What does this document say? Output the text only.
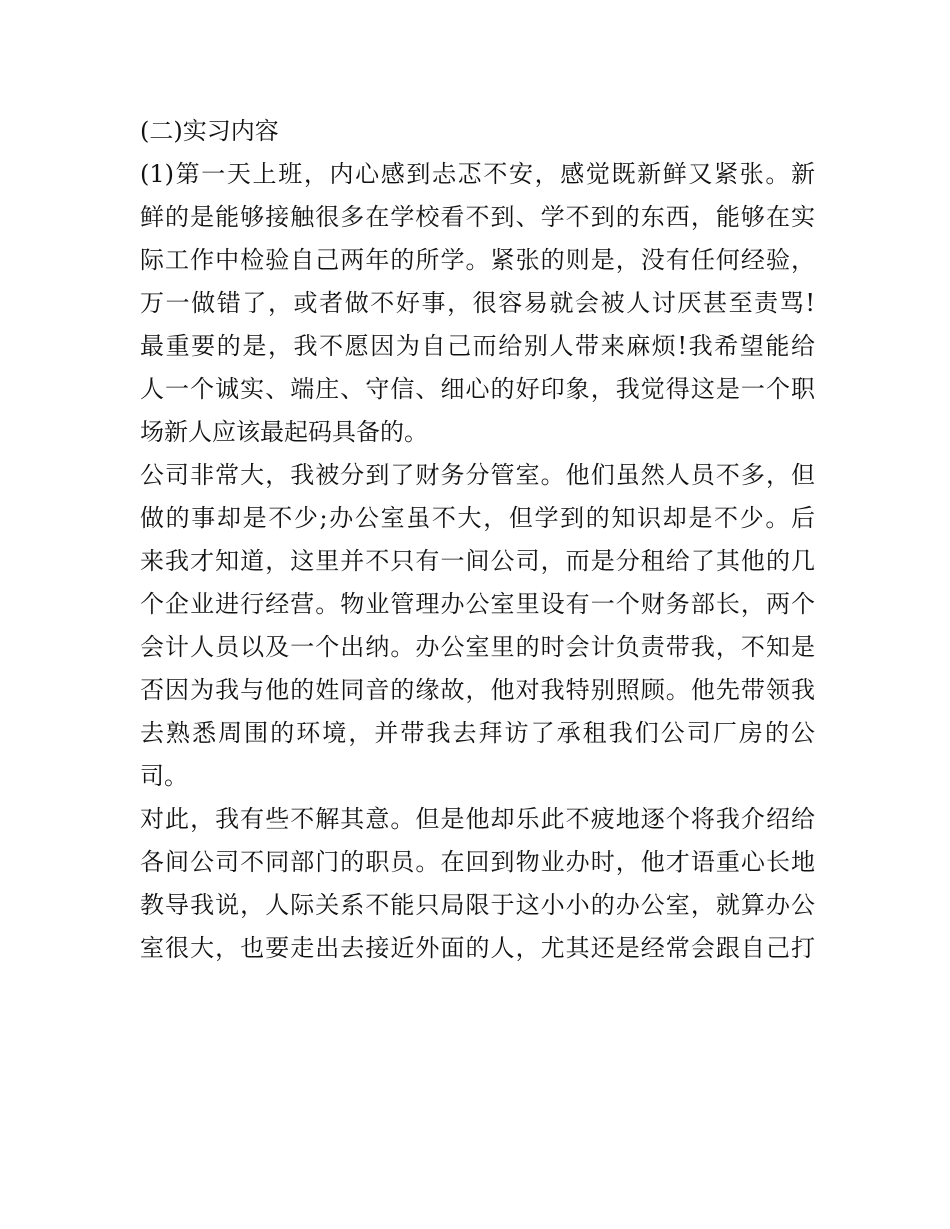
(二)实习内容
(1)第一天上班，内心感到忐忑不安，感觉既新鲜又紧张。新
鲜的是能够接触很多在学校看不到、学不到的东西，能够在实
际工作中检验自己两年的所学。紧张的则是，没有任何经验，
万一做错了，或者做不好事，很容易就会被人讨厌甚至责骂!
最重要的是，我不愿因为自己而给别人带来麻烦!我希望能给
人一个诚实、端庄、守信、细心的好印象，我觉得这是一个职
场新人应该最起码具备的。
公司非常大，我被分到了财务分管室。他们虽然人员不多，但
做的事却是不少;办公室虽不大，但学到的知识却是不少。后
来我才知道，这里并不只有一间公司，而是分租给了其他的几
个企业进行经营。物业管理办公室里设有一个财务部长，两个
会计人员以及一个出纳。办公室里的时会计负责带我，不知是
否因为我与他的姓同音的缘故，他对我特别照顾。他先带领我
去熟悉周围的环境，并带我去拜访了承租我们公司厂房的公
司。
对此，我有些不解其意。但是他却乐此不疲地逐个将我介绍给
各间公司不同部门的职员。在回到物业办时，他才语重心长地
教导我说，人际关系不能只局限于这小小的办公室，就算办公
室很大，也要走出去接近外面的人，尤其还是经常会跟自己打
